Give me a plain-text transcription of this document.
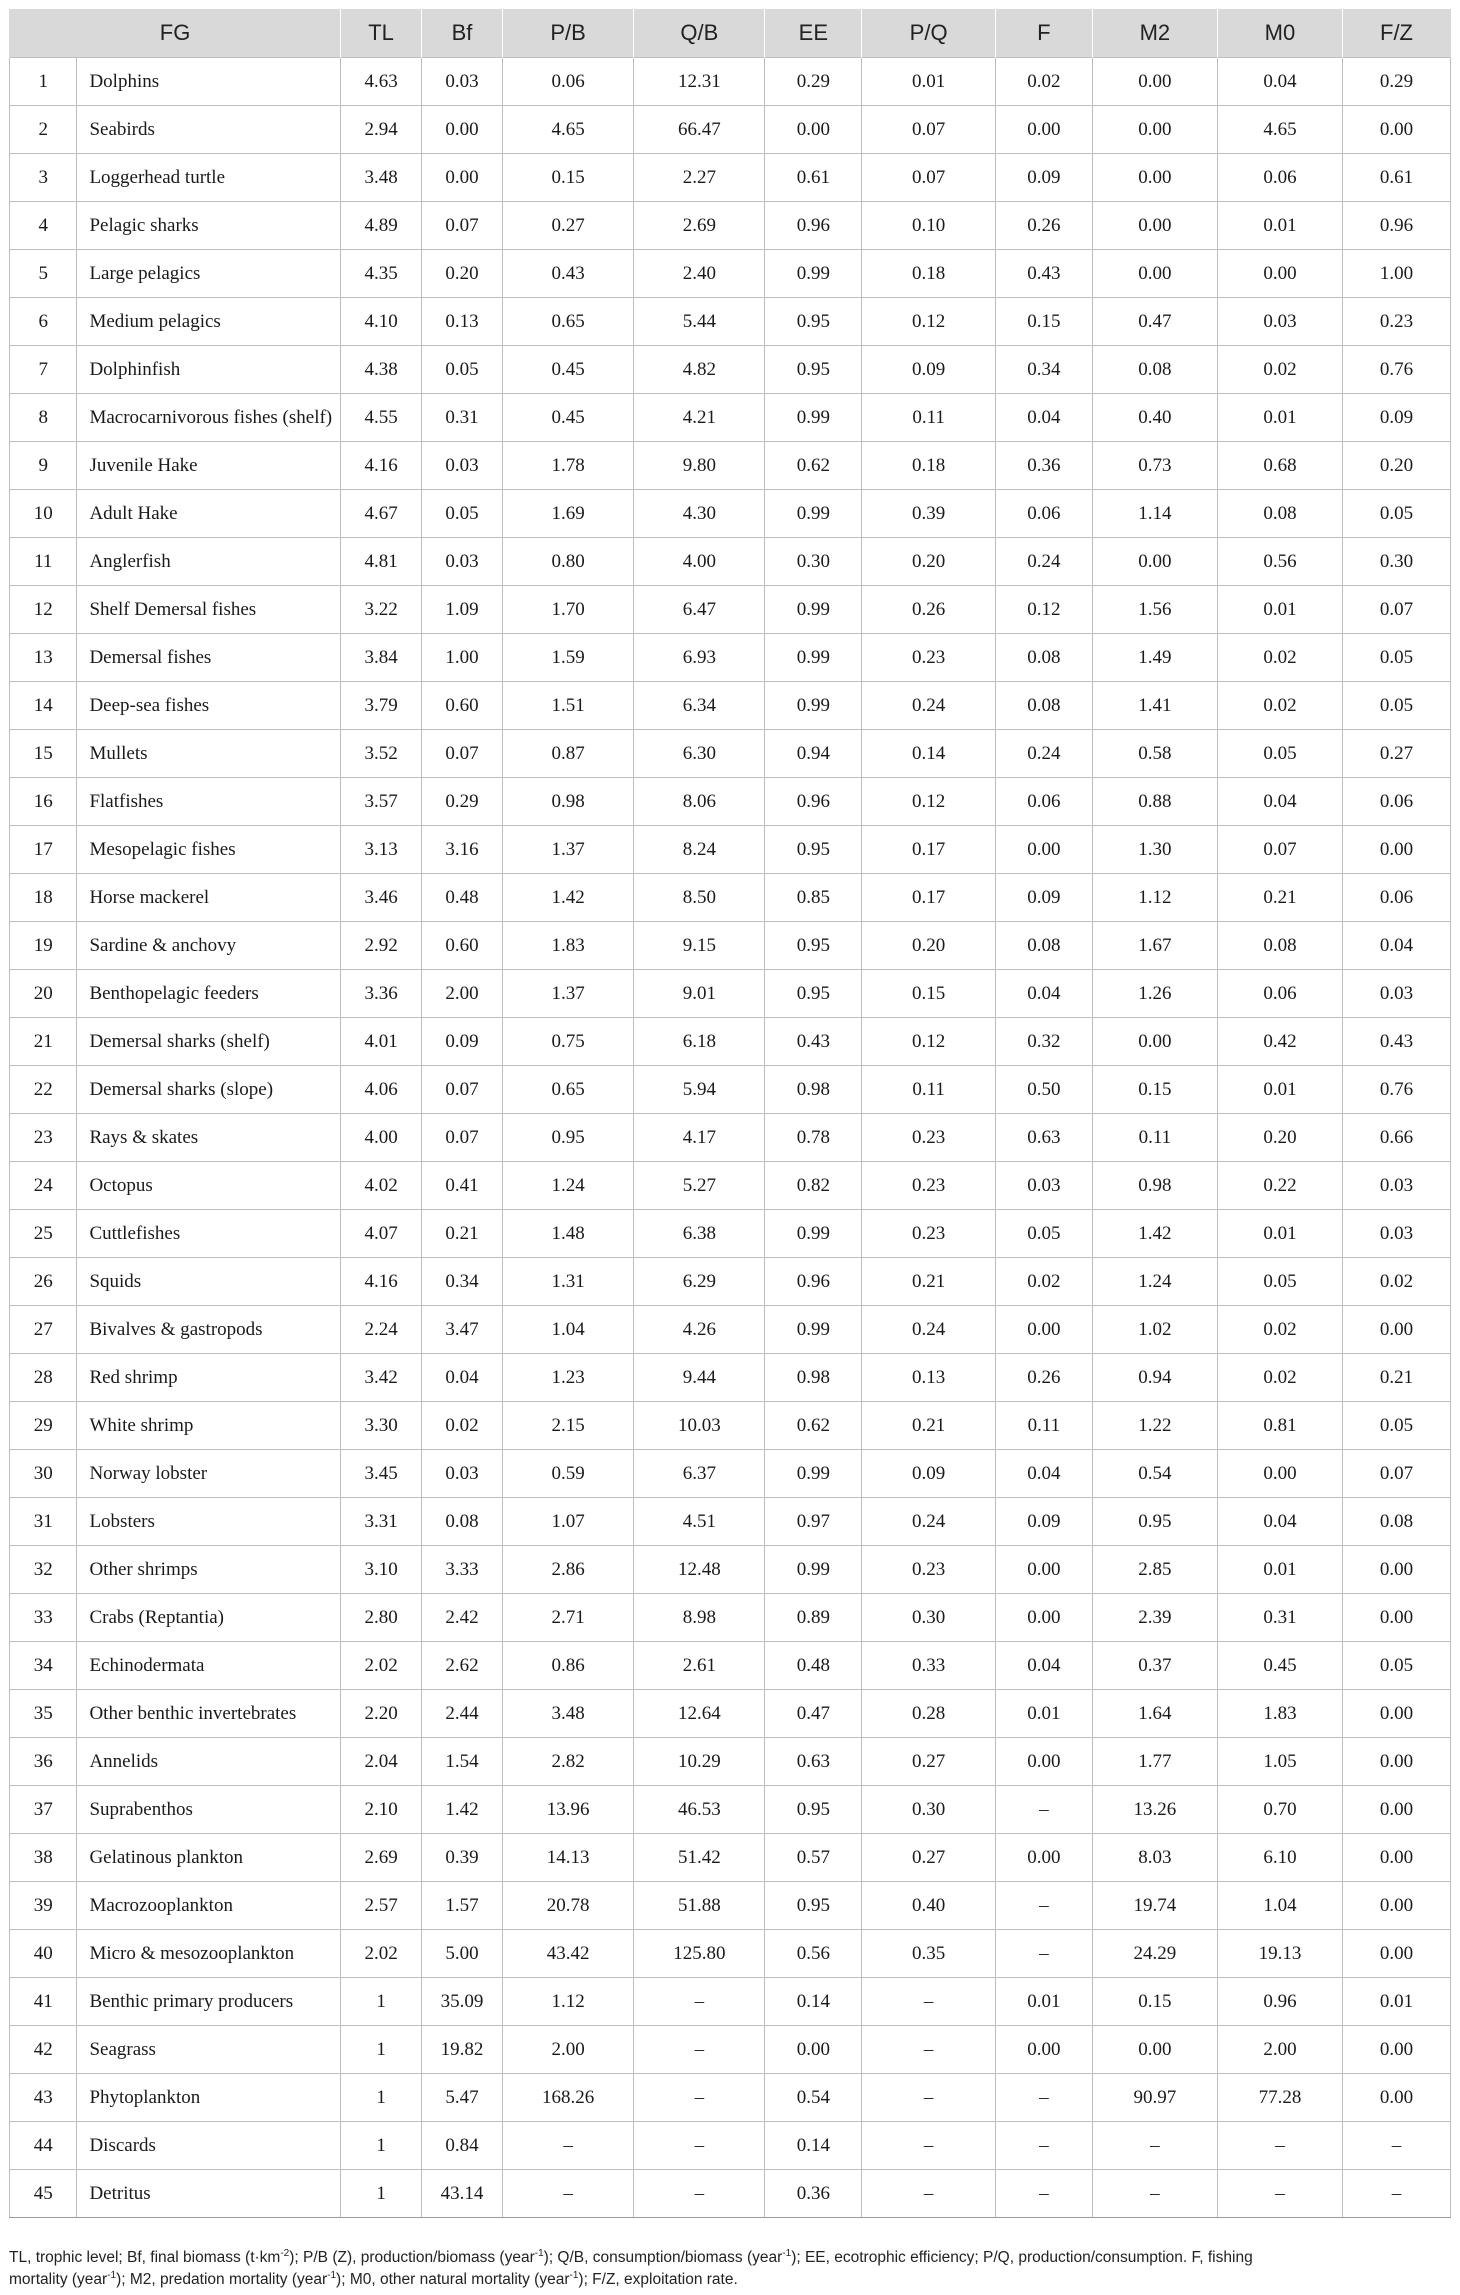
FG		TL	Bf	P/B	Q/B	EE	P/Q	F	M2	M0	F/Z
1	Dolphins	4.63	0.03	0.06	12.31	0.29	0.01	0.02	0.00	0.04	0.29
2	Seabirds	2.94	0.00	4.65	66.47	0.00	0.07	0.00	0.00	4.65	0.00
3	Loggerhead turtle	3.48	0.00	0.15	2.27	0.61	0.07	0.09	0.00	0.06	0.61
4	Pelagic sharks	4.89	0.07	0.27	2.69	0.96	0.10	0.26	0.00	0.01	0.96
5	Large pelagics	4.35	0.20	0.43	2.40	0.99	0.18	0.43	0.00	0.00	1.00
6	Medium pelagics	4.10	0.13	0.65	5.44	0.95	0.12	0.15	0.47	0.03	0.23
7	Dolphinfish	4.38	0.05	0.45	4.82	0.95	0.09	0.34	0.08	0.02	0.76
8	Macrocarnivorous fishes (shelf)	4.55	0.31	0.45	4.21	0.99	0.11	0.04	0.40	0.01	0.09
9	Juvenile Hake	4.16	0.03	1.78	9.80	0.62	0.18	0.36	0.73	0.68	0.20
10	Adult Hake	4.67	0.05	1.69	4.30	0.99	0.39	0.06	1.14	0.08	0.05
11	Anglerfish	4.81	0.03	0.80	4.00	0.30	0.20	0.24	0.00	0.56	0.30
12	Shelf Demersal fishes	3.22	1.09	1.70	6.47	0.99	0.26	0.12	1.56	0.01	0.07
13	Demersal fishes	3.84	1.00	1.59	6.93	0.99	0.23	0.08	1.49	0.02	0.05
14	Deep-sea fishes	3.79	0.60	1.51	6.34	0.99	0.24	0.08	1.41	0.02	0.05
15	Mullets	3.52	0.07	0.87	6.30	0.94	0.14	0.24	0.58	0.05	0.27
16	Flatfishes	3.57	0.29	0.98	8.06	0.96	0.12	0.06	0.88	0.04	0.06
17	Mesopelagic fishes	3.13	3.16	1.37	8.24	0.95	0.17	0.00	1.30	0.07	0.00
18	Horse mackerel	3.46	0.48	1.42	8.50	0.85	0.17	0.09	1.12	0.21	0.06
19	Sardine & anchovy	2.92	0.60	1.83	9.15	0.95	0.20	0.08	1.67	0.08	0.04
20	Benthopelagic feeders	3.36	2.00	1.37	9.01	0.95	0.15	0.04	1.26	0.06	0.03
21	Demersal sharks (shelf)	4.01	0.09	0.75	6.18	0.43	0.12	0.32	0.00	0.42	0.43
22	Demersal sharks (slope)	4.06	0.07	0.65	5.94	0.98	0.11	0.50	0.15	0.01	0.76
23	Rays & skates	4.00	0.07	0.95	4.17	0.78	0.23	0.63	0.11	0.20	0.66
24	Octopus	4.02	0.41	1.24	5.27	0.82	0.23	0.03	0.98	0.22	0.03
25	Cuttlefishes	4.07	0.21	1.48	6.38	0.99	0.23	0.05	1.42	0.01	0.03
26	Squids	4.16	0.34	1.31	6.29	0.96	0.21	0.02	1.24	0.05	0.02
27	Bivalves & gastropods	2.24	3.47	1.04	4.26	0.99	0.24	0.00	1.02	0.02	0.00
28	Red shrimp	3.42	0.04	1.23	9.44	0.98	0.13	0.26	0.94	0.02	0.21
29	White shrimp	3.30	0.02	2.15	10.03	0.62	0.21	0.11	1.22	0.81	0.05
30	Norway lobster	3.45	0.03	0.59	6.37	0.99	0.09	0.04	0.54	0.00	0.07
31	Lobsters	3.31	0.08	1.07	4.51	0.97	0.24	0.09	0.95	0.04	0.08
32	Other shrimps	3.10	3.33	2.86	12.48	0.99	0.23	0.00	2.85	0.01	0.00
33	Crabs (Reptantia)	2.80	2.42	2.71	8.98	0.89	0.30	0.00	2.39	0.31	0.00
34	Echinodermata	2.02	2.62	0.86	2.61	0.48	0.33	0.04	0.37	0.45	0.05
35	Other benthic invertebrates	2.20	2.44	3.48	12.64	0.47	0.28	0.01	1.64	1.83	0.00
36	Annelids	2.04	1.54	2.82	10.29	0.63	0.27	0.00	1.77	1.05	0.00
37	Suprabenthos	2.10	1.42	13.96	46.53	0.95	0.30	–	13.26	0.70	0.00
38	Gelatinous plankton	2.69	0.39	14.13	51.42	0.57	0.27	0.00	8.03	6.10	0.00
39	Macrozooplankton	2.57	1.57	20.78	51.88	0.95	0.40	–	19.74	1.04	0.00
40	Micro & mesozooplankton	2.02	5.00	43.42	125.80	0.56	0.35	–	24.29	19.13	0.00
41	Benthic primary producers	1	35.09	1.12	–	0.14	–	0.01	0.15	0.96	0.01
42	Seagrass	1	19.82	2.00	–	0.00	–	0.00	0.00	2.00	0.00
43	Phytoplankton	1	5.47	168.26	–	0.54	–	–	90.97	77.28	0.00
44	Discards	1	0.84	–	–	0.14	–	–	–	–	–
45	Detritus	1	43.14	–	–	0.36	–	–	–	–	–

TL, trophic level; Bf, final biomass $(t\cdot km^{-2})$; P/B (Z), production/biomass (year$^{-1}$); Q/B, consumption/biomass (year$^{-1}$); EE, ecotrophic efficiency; P/Q, production/consumption. F, fishing
mortality (year$^{-1}$); M2, predation mortality (year$^{-1}$); M0, other natural mortality (year$^{-1}$); F/Z, exploitation rate.
